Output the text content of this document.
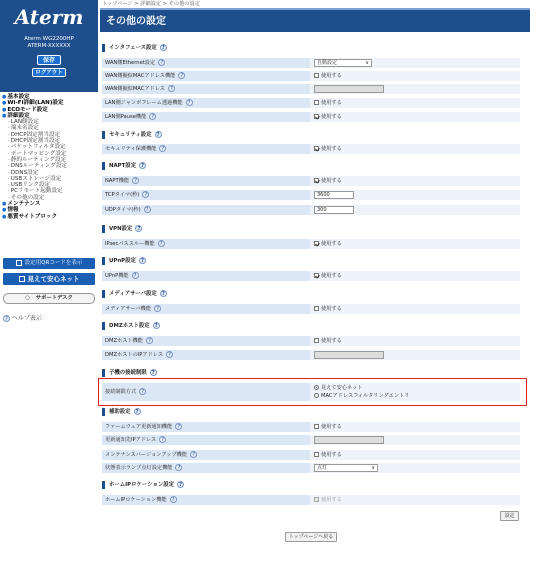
Aterm
Aterm WG2200HP
ATERM-XXXXXX
保存
ログアウト
● 基本設定
● Wi-Fi詳細(LAN)設定
● ECOモード設定
● 詳細設定
· LAN側設定
· 端末名設定
· DHCP固定割当設定
· DHCP固定割当設定
· パケットフィルタ設定
· ポートマッピング設定
· 静的ルーティング設定
· DNSルーティング設定
· DDNS設定
· USBストレージ設定
· USBリンク設定
· PCリモート起動設定
· その他の設定
● メンテナンス
● 情報
● 悪質サイトブロック
設定用QRコードを表示
見えて安心ネット
○ サポートデスク
? ヘルプ表示
トップページ > 詳細設定 > その他の設定
その他の設定
インタフェース設定 ?
WAN側Ethernet設定 ?	自動設定 ∨
WAN側擬似MACアドレス機能 ?	使用する
WAN側擬似MACアドレス ?
LAN側ジャンボフレーム透過機能 ?	使用する
LAN側Pause機能 ?	使用する
セキュリティ設定 ?
セキュリティ保護機能 ?	使用する
NAPT設定 ?
NAPT機能 ?	使用する
TCPタイマ(秒) ?	3600
UDPタイマ(秒) ?	300
VPN設定 ?
IPsecパススルー機能 ?	使用する
UPnP設定 ?
UPnP機能 ?	使用する
メディアサーバ設定 ?
メディアサーバ機能 ?	使用する
DMZホスト設定 ?
DMZホスト機能 ?	使用する
DMZホストのIPアドレス ?
子機の接続制限 ?
接続制限方式 ?
見えて安心ネット
MACアドレスフィルタリングエントリ
補助設定 ?
ファームウェア更新通知機能 ?	使用する
更新通知先IPアドレス ?
メンテナンスバージョンアップ機能 ?	使用する
状態表示ランプ点灯設定機能 ?	点灯 ∨
ホームIPロケーション設定 ?
ホームIPロケーション機能 ?	使用する
設定
トップページへ戻る
